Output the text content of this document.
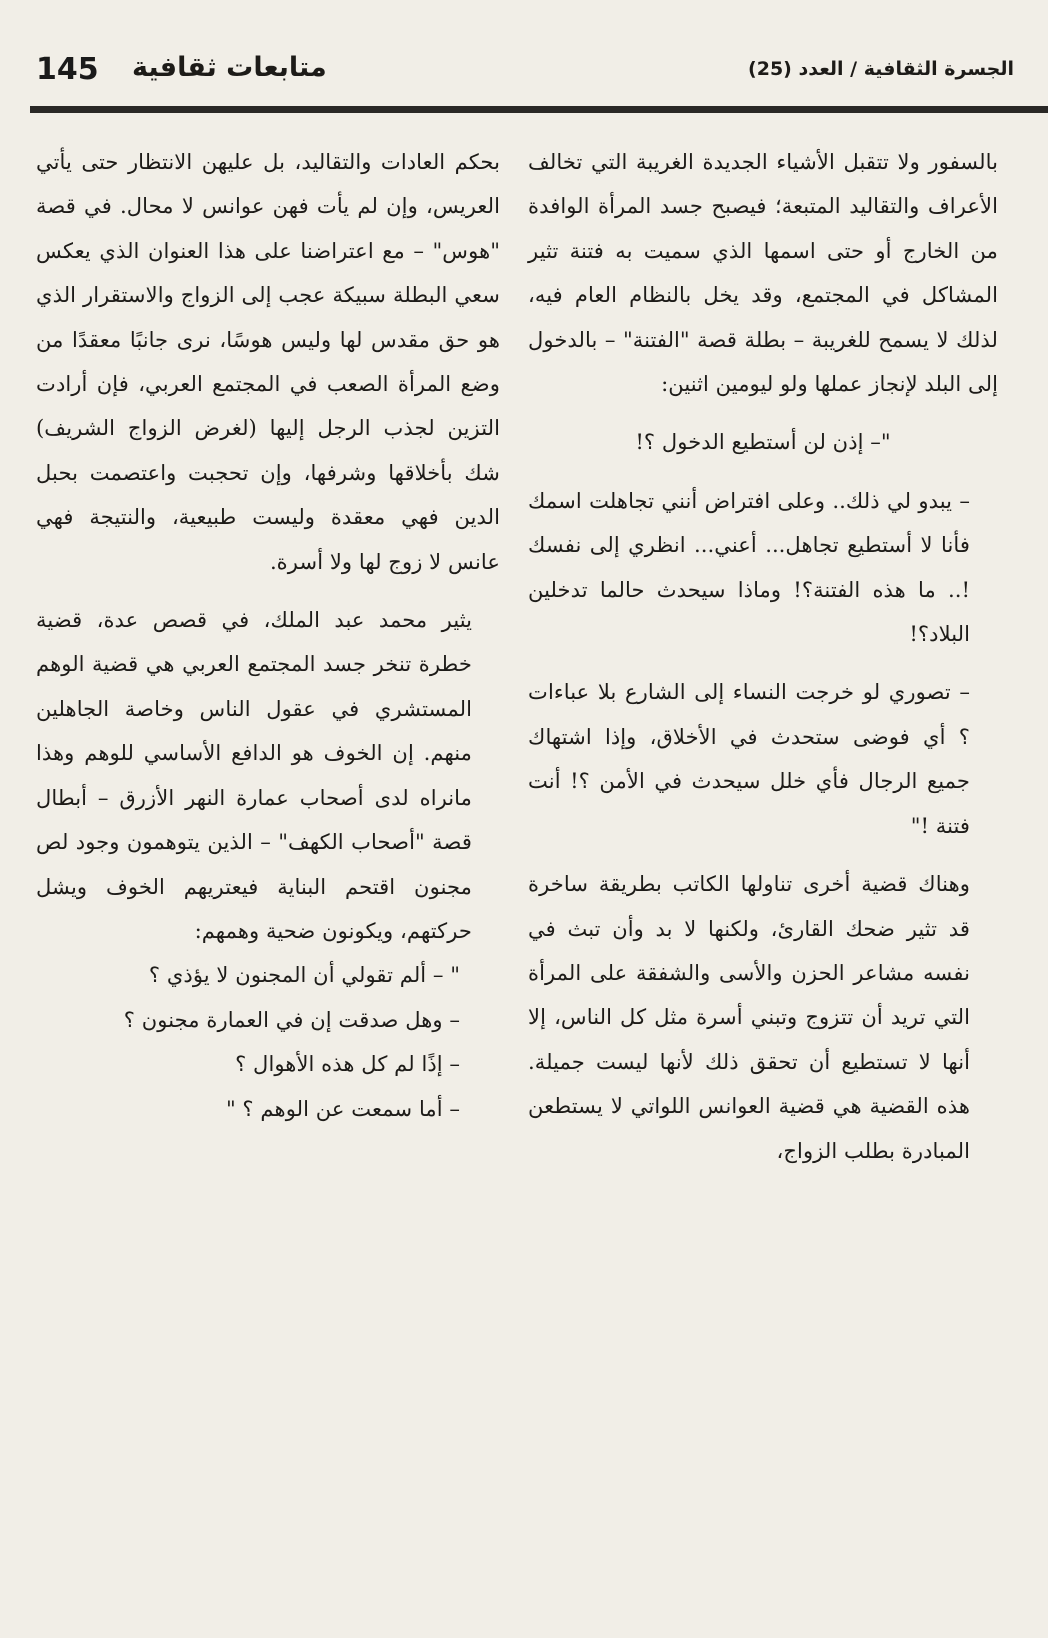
145 متابعات ثقافية	الجسرة الثقافية / العدد (25)

بالسفور ولا تتقبل الأشياء الجديدة الغريبة التي تخالف الأعراف والتقاليد المتبعة؛ فيصبح جسد المرأة الوافدة من الخارج أو حتى اسمها الذي سميت به فتنة تثير المشاكل في المجتمع، وقد يخل بالنظام العام فيه، لذلك لا يسمح للغريبة – بطلة قصة "الفتنة" – بالدخول إلى البلد لإنجاز عملها ولو ليومين اثنين:

"– إذن لن أستطيع الدخول ؟!

– يبدو لي ذلك.. وعلى افتراض أنني تجاهلت اسمك فأنا لا أستطيع تجاهل... أعني... انظري إلى نفسك !.. ما هذه الفتنة؟! وماذا سيحدث حالما تدخلين البلاد؟!

– تصوري لو خرجت النساء إلى الشارع بلا عباءات ؟ أي فوضى ستحدث في الأخلاق، وإذا اشتهاك جميع الرجال فأي خلل سيحدث في الأمن ؟! أنت فتنة !"

وهناك قضية أخرى تناولها الكاتب بطريقة ساخرة قد تثير ضحك القارئ، ولكنها لا بد وأن تبث في نفسه مشاعر الحزن والأسى والشفقة على المرأة التي تريد أن تتزوج وتبني أسرة مثل كل الناس، إلا أنها لا تستطيع أن تحقق ذلك لأنها ليست جميلة. هذه القضية هي قضية العوانس اللواتي لا يستطعن المبادرة بطلب الزواج،

بحكم العادات والتقاليد، بل عليهن الانتظار حتى يأتي العريس، وإن لم يأت فهن عوانس لا محال. في قصة "هوس" – مع اعتراضنا على هذا العنوان الذي يعكس سعي البطلة سبيكة عجب إلى الزواج والاستقرار الذي هو حق مقدس لها وليس هوسًا، نرى جانبًا معقدًا من وضع المرأة الصعب في المجتمع العربي، فإن أرادت التزين لجذب الرجل إليها (لغرض الزواج الشريف) شك بأخلاقها وشرفها، وإن تحجبت واعتصمت بحبل الدين فهي معقدة وليست طبيعية، والنتيجة فهي عانس لا زوج لها ولا أسرة.

يثير محمد عبد الملك، في قصص عدة، قضية خطرة تنخر جسد المجتمع العربي هي قضية الوهم المستشري في عقول الناس وخاصة الجاهلين منهم. إن الخوف هو الدافع الأساسي للوهم وهذا مانراه لدى أصحاب عمارة النهر الأزرق – أبطال قصة "أصحاب الكهف" – الذين يتوهمون وجود لص مجنون اقتحم البناية فيعتريهم الخوف ويشل حركتهم، ويكونون ضحية وهمهم:

" – ألم تقولي أن المجنون لا يؤذي ؟

– وهل صدقت إن في العمارة مجنون ؟

– إذًا لم كل هذه الأهوال ؟

– أما سمعت عن الوهم ؟ "
